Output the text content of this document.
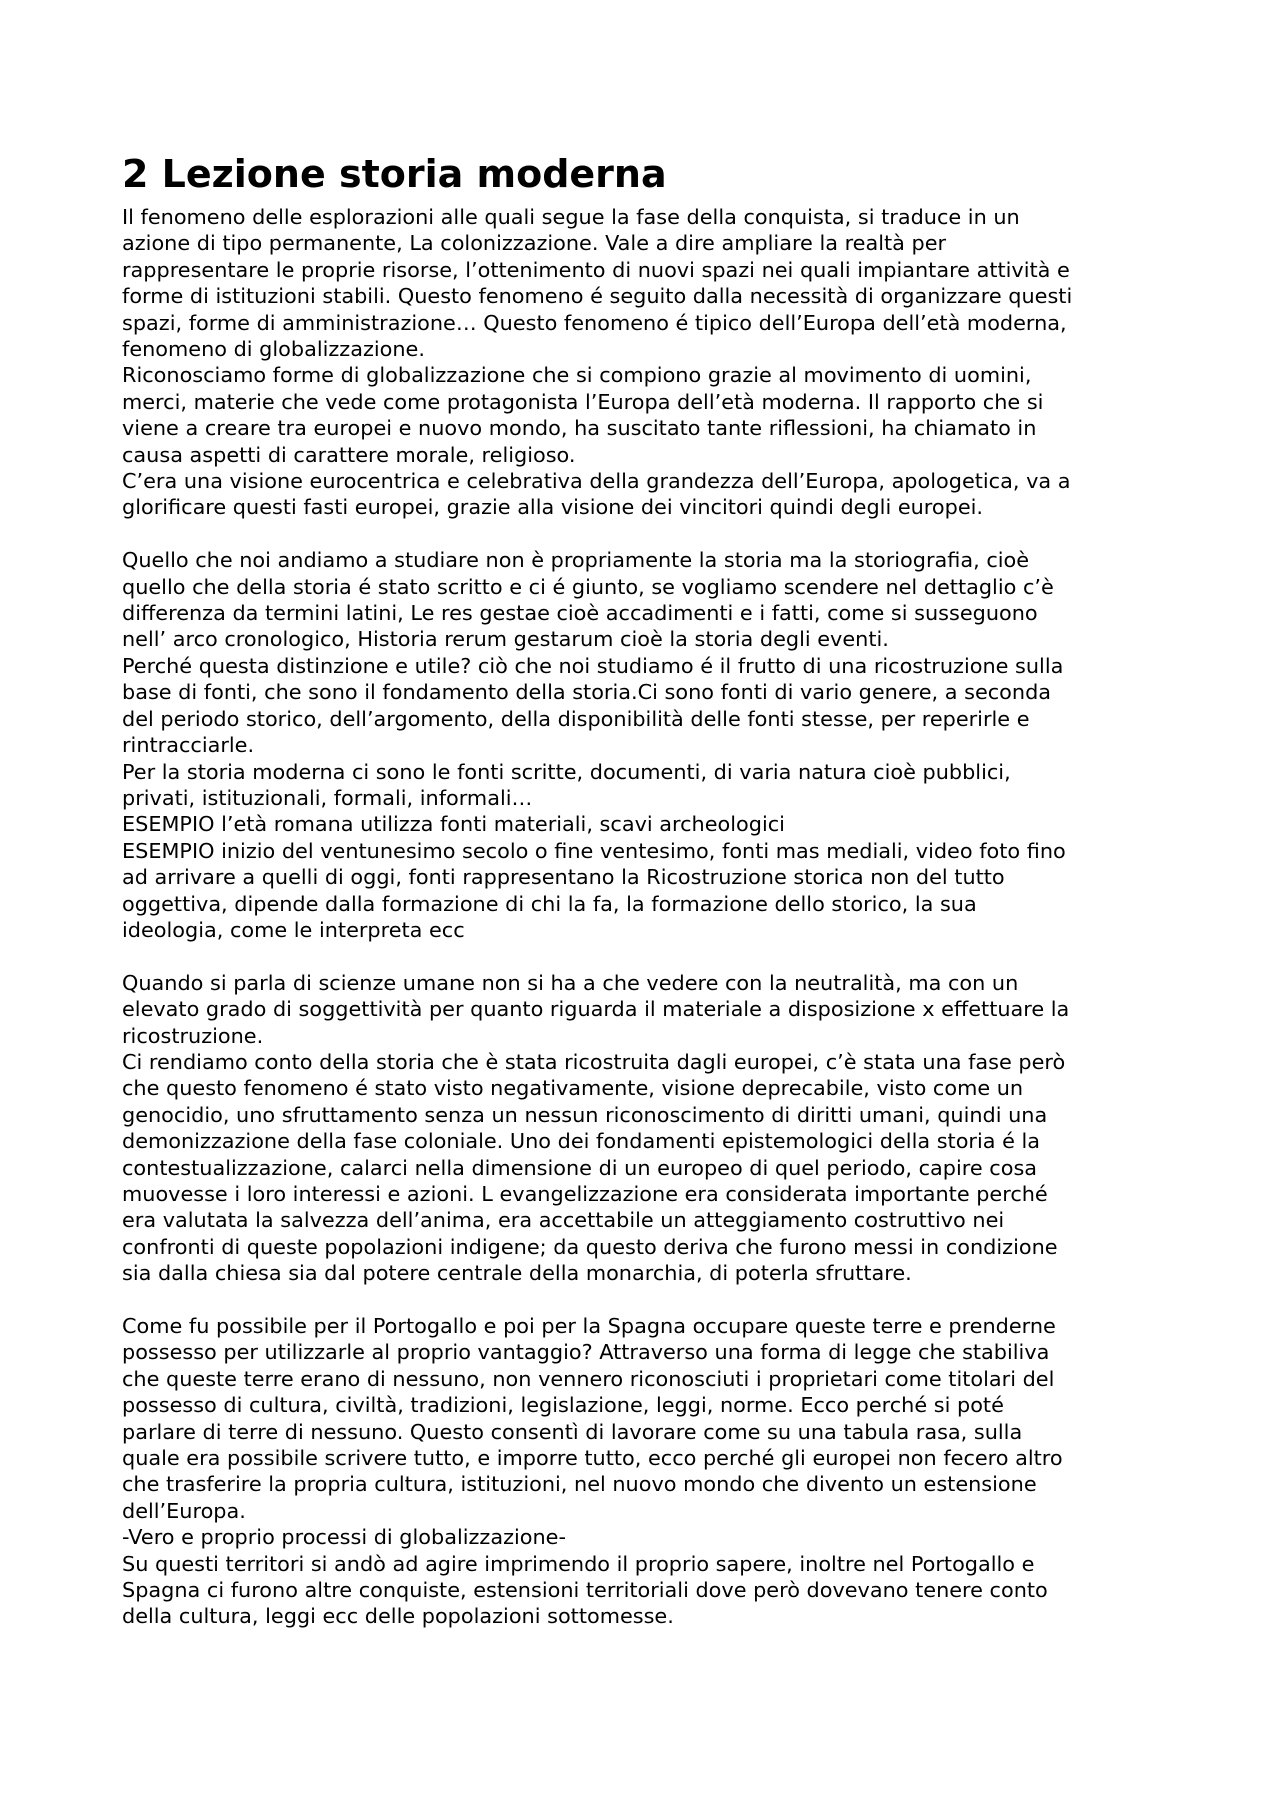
2 Lezione storia moderna

Il fenomeno delle esplorazioni alle quali segue la fase della conquista, si traduce in un
azione di tipo permanente, La colonizzazione. Vale a dire ampliare la realtà per
rappresentare le proprie risorse, l’ottenimento di nuovi spazi nei quali impiantare attività e
forme di istituzioni stabili. Questo fenomeno é seguito dalla necessità di organizzare questi
spazi, forme di amministrazione… Questo fenomeno é tipico dell’Europa dell’età moderna,
fenomeno di globalizzazione.
Riconosciamo forme di globalizzazione che si compiono grazie al movimento di uomini,
merci, materie che vede come protagonista l’Europa dell’età moderna. Il rapporto che si
viene a creare tra europei e nuovo mondo, ha suscitato tante riflessioni, ha chiamato in
causa aspetti di carattere morale, religioso.
C’era una visione eurocentrica e celebrativa della grandezza dell’Europa, apologetica, va a
glorificare questi fasti europei, grazie alla visione dei vincitori quindi degli europei.

Quello che noi andiamo a studiare non è propriamente la storia ma la storiografia, cioè
quello che della storia é stato scritto e ci é giunto, se vogliamo scendere nel dettaglio c’è
differenza da termini latini, Le res gestae cioè accadimenti e i fatti, come si susseguono
nell’ arco cronologico, Historia rerum gestarum cioè la storia degli eventi.
Perché questa distinzione e utile? ciò che noi studiamo é il frutto di una ricostruzione sulla
base di fonti, che sono il fondamento della storia.Ci sono fonti di vario genere, a seconda
del periodo storico, dell’argomento, della disponibilità delle fonti stesse, per reperirle e
rintracciarle.
Per la storia moderna ci sono le fonti scritte, documenti, di varia natura cioè pubblici,
privati, istituzionali, formali, informali…
ESEMPIO l’età romana utilizza fonti materiali, scavi archeologici
ESEMPIO inizio del ventunesimo secolo o fine ventesimo, fonti mas mediali, video foto fino
ad arrivare a quelli di oggi, fonti rappresentano la Ricostruzione storica non del tutto
oggettiva, dipende dalla formazione di chi la fa, la formazione dello storico, la sua
ideologia, come le interpreta ecc

Quando si parla di scienze umane non si ha a che vedere con la neutralità, ma con un
elevato grado di soggettività per quanto riguarda il materiale a disposizione x effettuare la
ricostruzione.
Ci rendiamo conto della storia che è stata ricostruita dagli europei, c’è stata una fase però
che questo fenomeno é stato visto negativamente, visione deprecabile, visto come un
genocidio, uno sfruttamento senza un nessun riconoscimento di diritti umani, quindi una
demonizzazione della fase coloniale. Uno dei fondamenti epistemologici della storia é la
contestualizzazione, calarci nella dimensione di un europeo di quel periodo, capire cosa
muovesse i loro interessi e azioni. L evangelizzazione era considerata importante perché
era valutata la salvezza dell’anima, era accettabile un atteggiamento costruttivo nei
confronti di queste popolazioni indigene; da questo deriva che furono messi in condizione
sia dalla chiesa sia dal potere centrale della monarchia, di poterla sfruttare.

Come fu possibile per il Portogallo e poi per la Spagna occupare queste terre e prenderne
possesso per utilizzarle al proprio vantaggio? Attraverso una forma di legge che stabiliva
che queste terre erano di nessuno, non vennero riconosciuti i proprietari come titolari del
possesso di cultura, civiltà, tradizioni, legislazione, leggi, norme. Ecco perché si poté
parlare di terre di nessuno. Questo consentì di lavorare come su una tabula rasa, sulla
quale era possibile scrivere tutto, e imporre tutto, ecco perché gli europei non fecero altro
che trasferire la propria cultura, istituzioni, nel nuovo mondo che divento un estensione
dell’Europa.
-Vero e proprio processi di globalizzazione-
Su questi territori si andò ad agire imprimendo il proprio sapere, inoltre nel Portogallo e
Spagna ci furono altre conquiste, estensioni territoriali dove però dovevano tenere conto
della cultura, leggi ecc delle popolazioni sottomesse.
